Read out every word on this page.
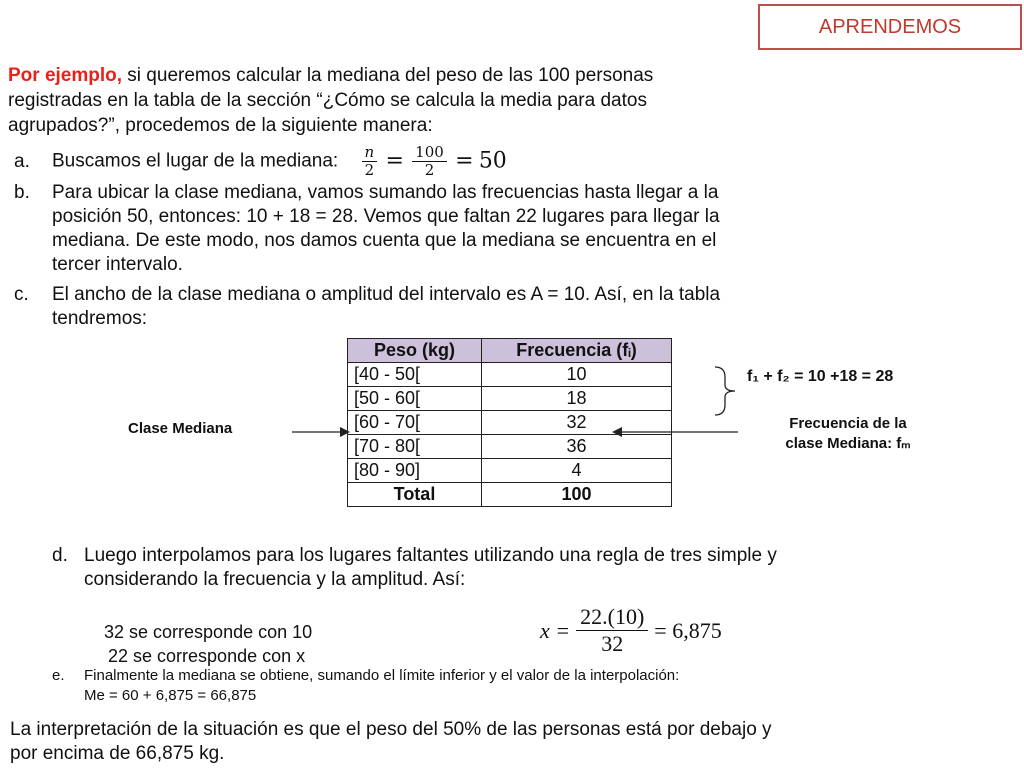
APRENDEMOS
Por ejemplo, si queremos calcular la mediana del peso de las 100 personas
registradas en la tabla de la sección “¿Cómo se calcula la media para datos
agrupados?”, procedemos de la siguiente manera:
a. Buscamos el lugar de la mediana: $\frac{n}{2} = \frac{100}{2} = 50$
b. Para ubicar la clase mediana, vamos sumando las frecuencias hasta llegar a la
posición 50, entonces: 10 + 18 = 28. Vemos que faltan 22 lugares para llegar la
mediana. De este modo, nos damos cuenta que la mediana se encuentra en el
tercer intervalo.
c. El ancho de la clase mediana o amplitud del intervalo es A = 10. Así, en la tabla
tendremos:
Peso (kg)	Frecuencia (fᵢ)
[40 - 50[	10
[50 - 60[	18
[60 - 70[	32
[70 - 80[	36
[80 - 90]	4
Total	100
Clase Mediana
f₁ + f₂ = 10 +18 = 28
Frecuencia de la
clase Mediana: fₘ
d. Luego interpolamos para los lugares faltantes utilizando una regla de tres simple y
considerando la frecuencia y la amplitud. Así:
32 se corresponde con 10
22 se corresponde con x
$x = \frac{22.(10)}{32} = 6,875$
e. Finalmente la mediana se obtiene, sumando el límite inferior y el valor de la interpolación:
Me = 60 + 6,875 = 66,875
La interpretación de la situación es que el peso del 50% de las personas está por debajo y
por encima de 66,875 kg.
